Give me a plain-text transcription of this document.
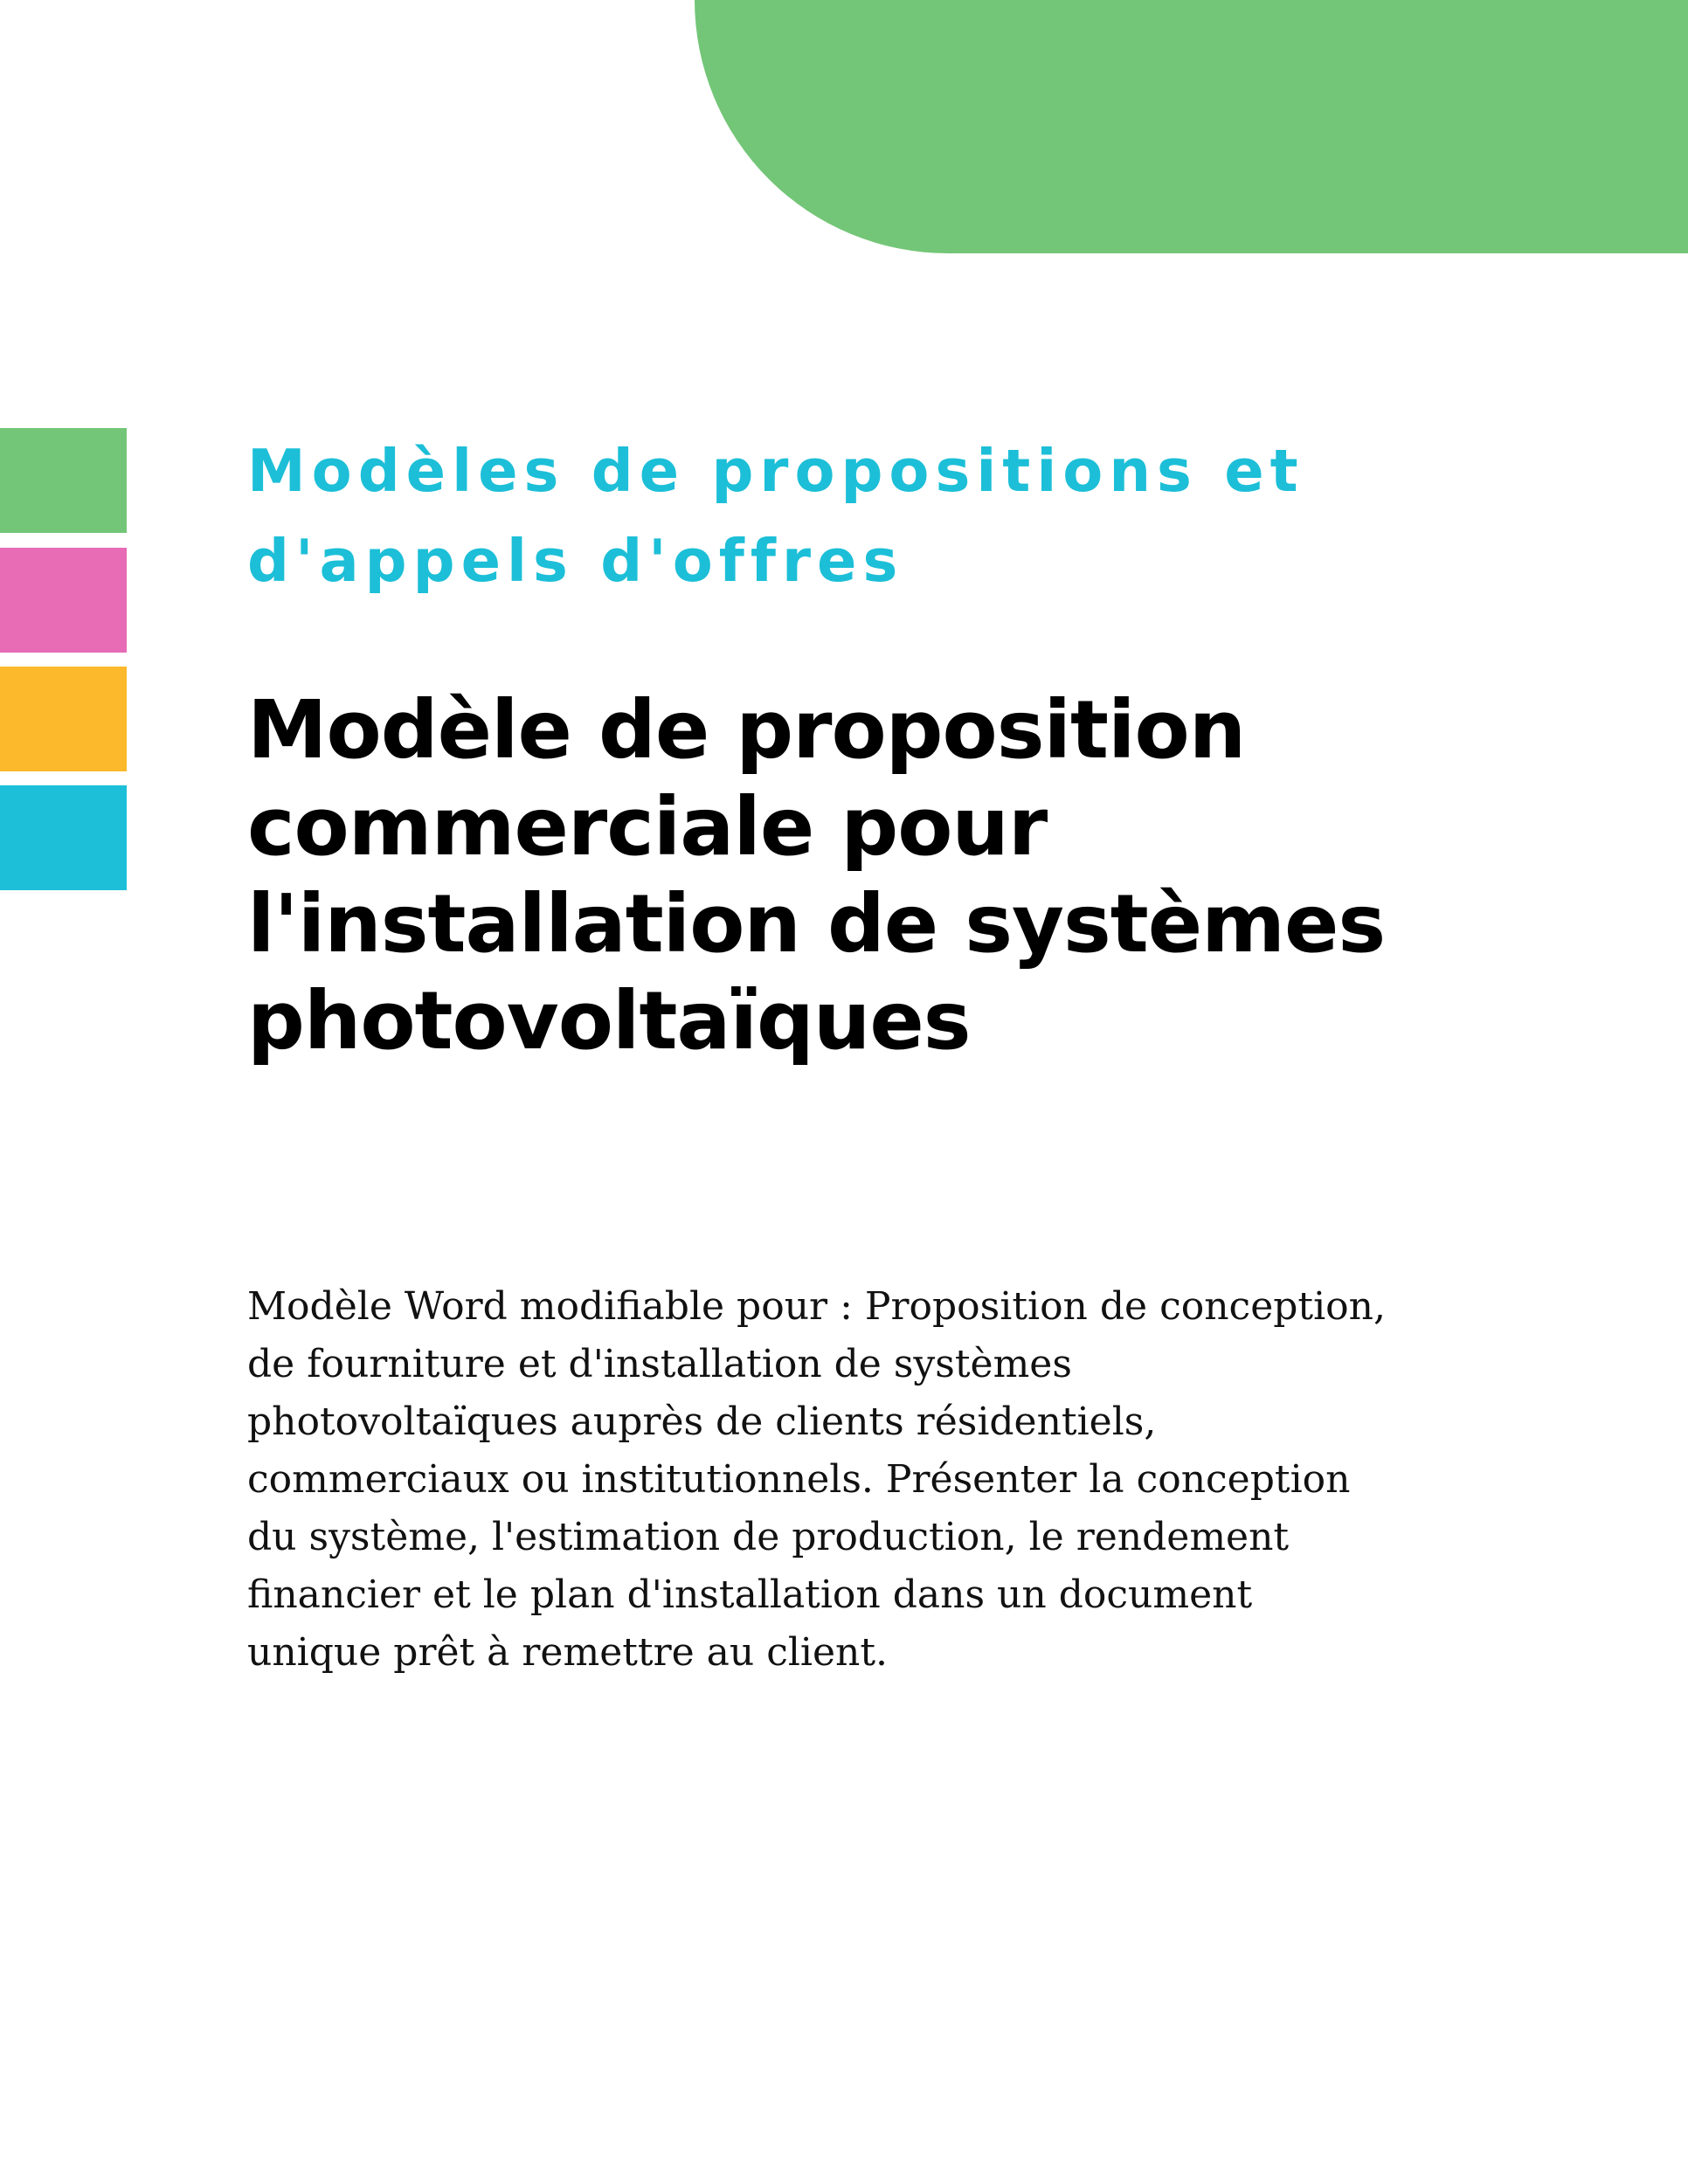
Modèles de propositions et
d'appels d'offres
Modèle de proposition
commerciale pour
l'installation de systèmes
photovoltaïques

Modèle Word modifiable pour : Proposition de conception,
de fourniture et d'installation de systèmes
photovoltaïques auprès de clients résidentiels,
commerciaux ou institutionnels. Présenter la conception
du système, l'estimation de production, le rendement
financier et le plan d'installation dans un document
unique prêt à remettre au client.
